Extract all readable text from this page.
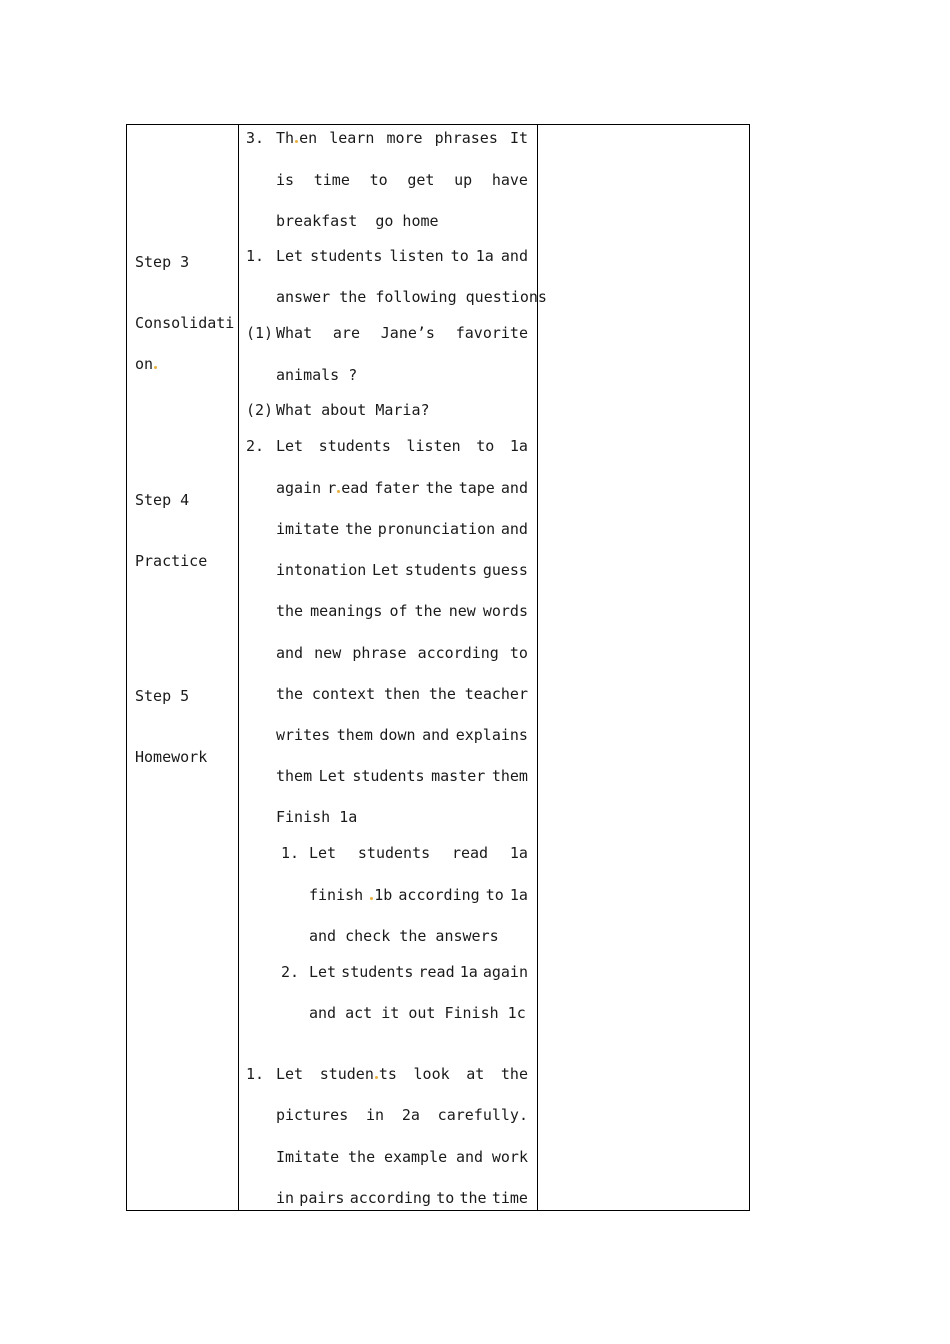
Step 3
Consolidati
on
Step 4
Practice
Step 5
Homework
3. Th en learn more phrases It
is time to get up have
breakfast  go home
1. Let students listen to 1a and
answer the following questions
(1) What are Jane’s favorite
animals ?
(2) What about Maria?
2. Let students listen to 1a
again r ead fater the tape and
imitate the pronunciation and
intonation Let students guess
the meanings of the new words
and new phrase according to
the context then the teacher
writes them down and explains
them Let students master them
Finish 1a
1. Let students read 1a
finish 1b according to 1a
and check the answers
2. Let students read 1a again
and act it out Finish 1c
1. Let studen ts look at the
pictures in 2a carefully.
Imitate the example and work
in pairs according to the time
